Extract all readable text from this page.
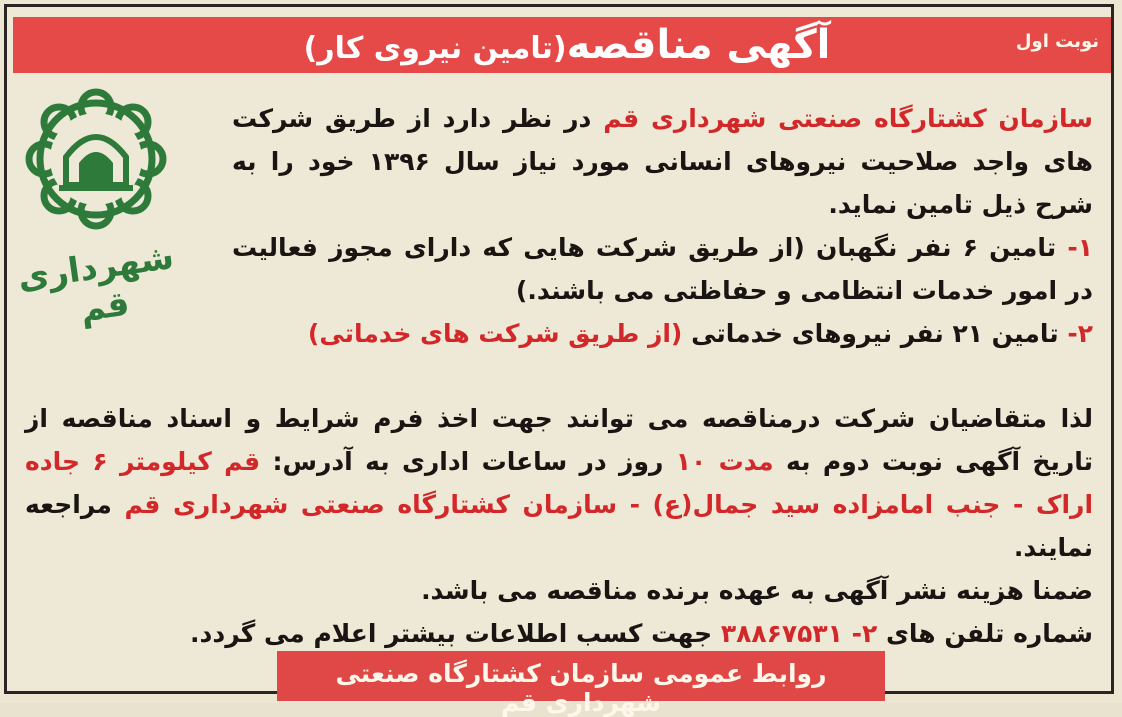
نوبت اول
آگهی مناقصه(تامین نیروی کار)
شهرداری قم

سازمان کشتارگاه صنعتی شهرداری قم در نظر دارد از طریق شرکت های واجد صلاحیت نیروهای انسانی مورد نیاز سال ۱۳۹۶ خود را به شرح ذیل تامین نماید.

۱- تامین ۶ نفر نگهبان (از طریق شرکت هایی که دارای مجوز فعالیت در امور خدمات انتظامی و حفاظتی می باشند.)

۲- تامین ۲۱ نفر نیروهای خدماتی (از طریق شرکت های خدماتی)

لذا متقاضیان شرکت درمناقصه می توانند جهت اخذ فرم شرایط و اسناد مناقصه از تاریخ آگهی نوبت دوم به مدت ۱۰ روز در ساعات اداری به آدرس: قم کیلومتر ۶ جاده اراک - جنب امامزاده سید جمال(ع) - سازمان کشتارگاه صنعتی شهرداری قم مراجعه نمایند.

ضمنا هزینه نشر آگهی به عهده برنده مناقصه می باشد.

شماره تلفن های ۲- ۳۸۸۶۷۵۳۱ جهت کسب اطلاعات بیشتر اعلام می گردد.

روابط عمومی سازمان کشتارگاه صنعتی شهرداری قم
